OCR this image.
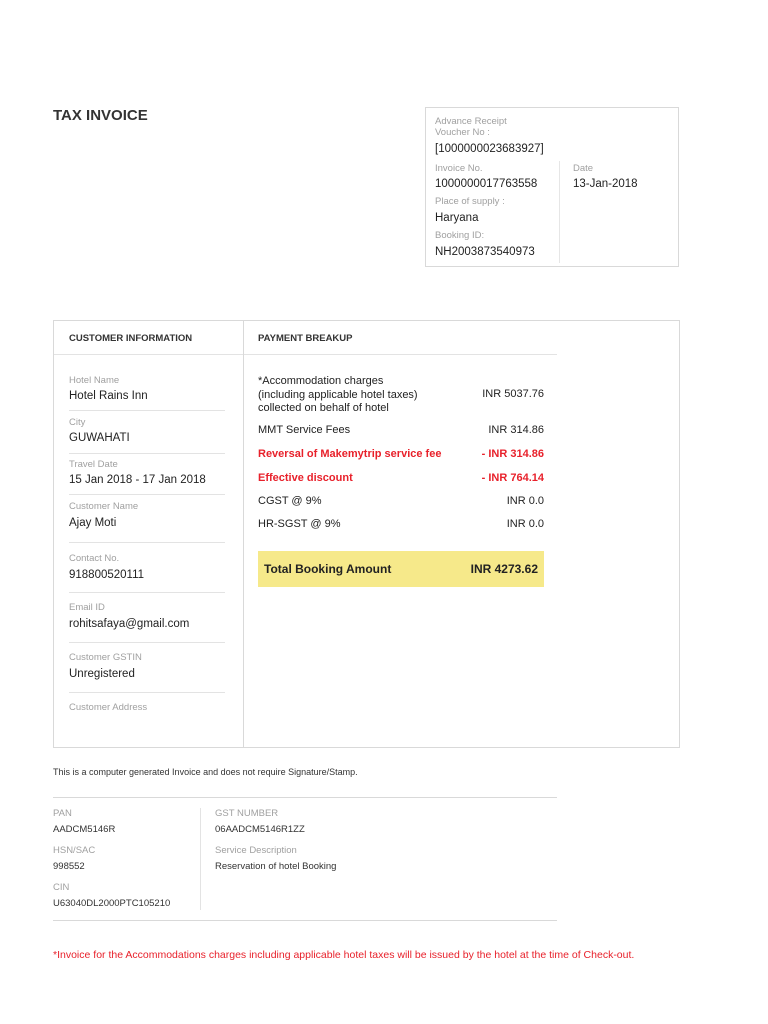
TAX INVOICE	Advance Receipt
Voucher No :
[1000000023683927]
Invoice No.
1000000017763558
Date
13-Jan-2018
Place of supply :
Haryana
Booking ID:
NH2003873540973
CUSTOMER INFORMATION	PAYMENT BREAKUP
Hotel Name
Hotel Rains Inn
City
GUWAHATI
Travel Date
15 Jan 2018 - 17 Jan 2018
Customer Name
Ajay Moti
Contact No.
918800520111
Email ID
rohitsafaya@gmail.com
Customer GSTIN
Unregistered
Customer Address
*Accommodation charges
(including applicable hotel taxes)
collected on behalf of hotel
INR 5037.76
MMT Service Fees	INR 314.86
Reversal of Makemytrip service fee	- INR 314.86
Effective discount	- INR 764.14
CGST @ 9%	INR 0.0
HR-SGST @ 9%	INR 0.0
Total Booking Amount	INR 4273.62
This is a computer generated Invoice and does not require Signature/Stamp.
PAN
AADCM5146R
HSN/SAC
998552
CIN
U63040DL2000PTC105210
GST NUMBER
06AADCM5146R1ZZ
Service Description
Reservation of hotel Booking
*Invoice for the Accommodations charges including applicable hotel taxes will be issued by the hotel at the time of Check-out.
